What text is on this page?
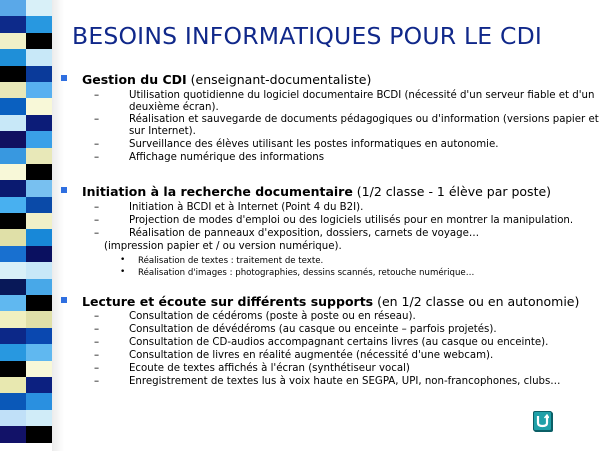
BESOINS INFORMATIQUES POUR LE CDI
Gestion du CDI (enseignant-documentaliste)
–	Utilisation quotidienne du logiciel documentaire BCDI (nécessité d'un serveur fiable et d'un deuxième écran).
–	Réalisation et sauvegarde de documents pédagogiques ou d'information (versions papier et sur Internet).
–	Surveillance des élèves utilisant les postes informatiques en autonomie.
–	Affichage numérique des informations
Initiation à la recherche documentaire (1/2 classe - 1 élève par poste)
–	Initiation à BCDI et à Internet (Point 4 du B2I).
–	Projection de modes d'emploi ou des logiciels utilisés pour en montrer la manipulation.
–	Réalisation de panneaux d'exposition, dossiers, carnets de voyage…
(impression papier et / ou version numérique).
• Réalisation de textes : traitement de texte.
• Réalisation d'images : photographies, dessins scannés, retouche numérique…
Lecture et écoute sur différents supports (en 1/2 classe ou en autonomie)
–	Consultation de cédéroms (poste à poste ou en réseau).
–	Consultation de dévédéroms (au casque ou enceinte – parfois projetés).
–	Consultation de CD-audios accompagnant certains livres (au casque ou enceinte).
–	Consultation de livres en réalité augmentée (nécessité d'une webcam).
–	Ecoute de textes affichés à l'écran (synthétiseur vocal)
–	Enregistrement de textes lus à voix haute en SEGPA, UPI, non-francophones, clubs…
